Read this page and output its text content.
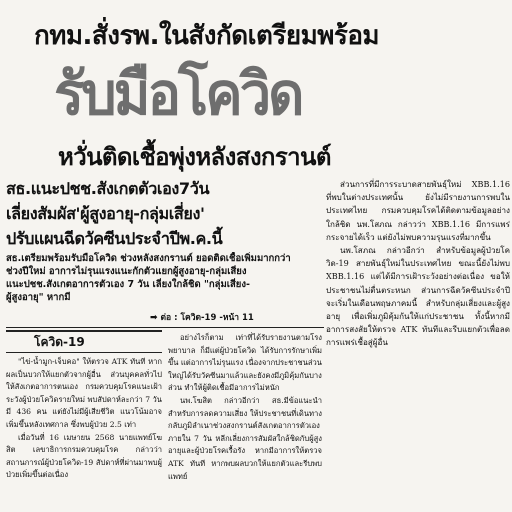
กทม.สั่งรพ.ในสังกัดเตรียมพร้อม
รับมือโควิด
หวั่นติดเชื้อพุ่งหลังสงกรานต์
สธ.แนะปชช.สังเกตตัวเอง7วัน
เลี่ยงสัมผัส'ผู้สูงอายุ-กลุ่มเสี่ยง'
ปรับแผนฉีดวัคซีนประจำปีพ.ค.นี้
สธ.เตรียมพร้อมรับมือโควิด ช่วงหลังสงกรานต์ ยอดติดเชื้อเพิ่มมากกว่า
ช่วงปีใหม่ อาการไม่รุนแรงแนะกักตัวแยกผู้สูงอายุ-กลุ่มเสี่ยง
แนะปชช.สังเกตอาการตัวเอง 7 วัน เลี่ยงใกล้ชิด "กลุ่มเสี่ยง-
ผู้สูงอายุ" หากมี
➡ ต่อ : โควิด-19 -หน้า 11
โควิด-19

"ไข่-น้ำมูก-เจ็บคอ" ให้ตรวจ ATK ทันที หากผลเป็นบวกให้แยกตัวจากผู้อื่น ส่วนบุคคลทั่วไปให้สังเกตอาการตนเอง กรมควบคุมโรคแนะเฝ้าระวังผู้ป่วยโควิดรายใหม่ พบสัปดาห์ละกว่า 7 วัน มี 436 คน แต่ยังไม่มีผู้เสียชีวิต แนวโน้มอาจเพิ่มขึ้นหลังเทศกาล ซึ่งพบผู้ป่วย 2.5 เท่า

เมื่อวันที่ 16 เมษายน 2568 นายแพทย์โฆสิต เลขาธิการกรมควบคุมโรค กล่าวว่า สถานการณ์ผู้ป่วยโควิด-19 สัปดาห์ที่ผ่านมาพบผู้ป่วยเพิ่มขึ้นต่อเนื่อง

อย่างไรก็ตาม เท่าที่ได้รับรายงานตามโรงพยาบาล ก็มีแต่ผู้ป่วยโควิด ได้รับการรักษาเพิ่มขึ้น แต่อาการไม่รุนแรง เนื่องจากประชาชนส่วนใหญ่ได้รับวัคซีนมาแล้วและยังคงมีภูมิคุ้มกันบางส่วน ทำให้ผู้ติดเชื้อมีอาการไม่หนัก

นพ.โฆสิต กล่าวอีกว่า สธ.มีข้อแนะนำสำหรับการลดความเสี่ยง ให้ประชาชนที่เดินทางกลับภูมิลำเนาช่วงสงกรานต์สังเกตอาการตัวเองภายใน 7 วัน หลีกเลี่ยงการสัมผัสใกล้ชิดกับผู้สูงอายุและผู้ป่วยโรคเรื้อรัง หากมีอาการให้ตรวจ ATK ทันที หากพบผลบวกให้แยกตัวและรีบพบแพทย์

ส่วนการที่มีการระบาดสายพันธุ์ใหม่ XBB.1.16 ที่พบในต่างประเทศนั้น ยังไม่มีรายงานการพบในประเทศไทย กรมควบคุมโรคได้ติดตามข้อมูลอย่างใกล้ชิด นพ.โสภณ กล่าวว่า XBB.1.16 มีการแพร่กระจายได้เร็ว แต่ยังไม่พบความรุนแรงที่มากขึ้น

นพ.โสภณ กล่าวอีกว่า สำหรับข้อมูลผู้ป่วยโควิด-19 สายพันธุ์ใหม่ในประเทศไทย ขณะนี้ยังไม่พบ XBB.1.16 แต่ได้มีการเฝ้าระวังอย่างต่อเนื่อง ขอให้ประชาชนไม่ตื่นตระหนก ส่วนการฉีดวัคซีนประจำปีจะเริ่มในเดือนพฤษภาคมนี้ สำหรับกลุ่มเสี่ยงและผู้สูงอายุ เพื่อเพิ่มภูมิคุ้มกันให้แก่ประชาชน ทั้งนี้หากมีอาการสงสัยให้ตรวจ ATK ทันทีและรีบแยกตัวเพื่อลดการแพร่เชื้อสู่ผู้อื่น
